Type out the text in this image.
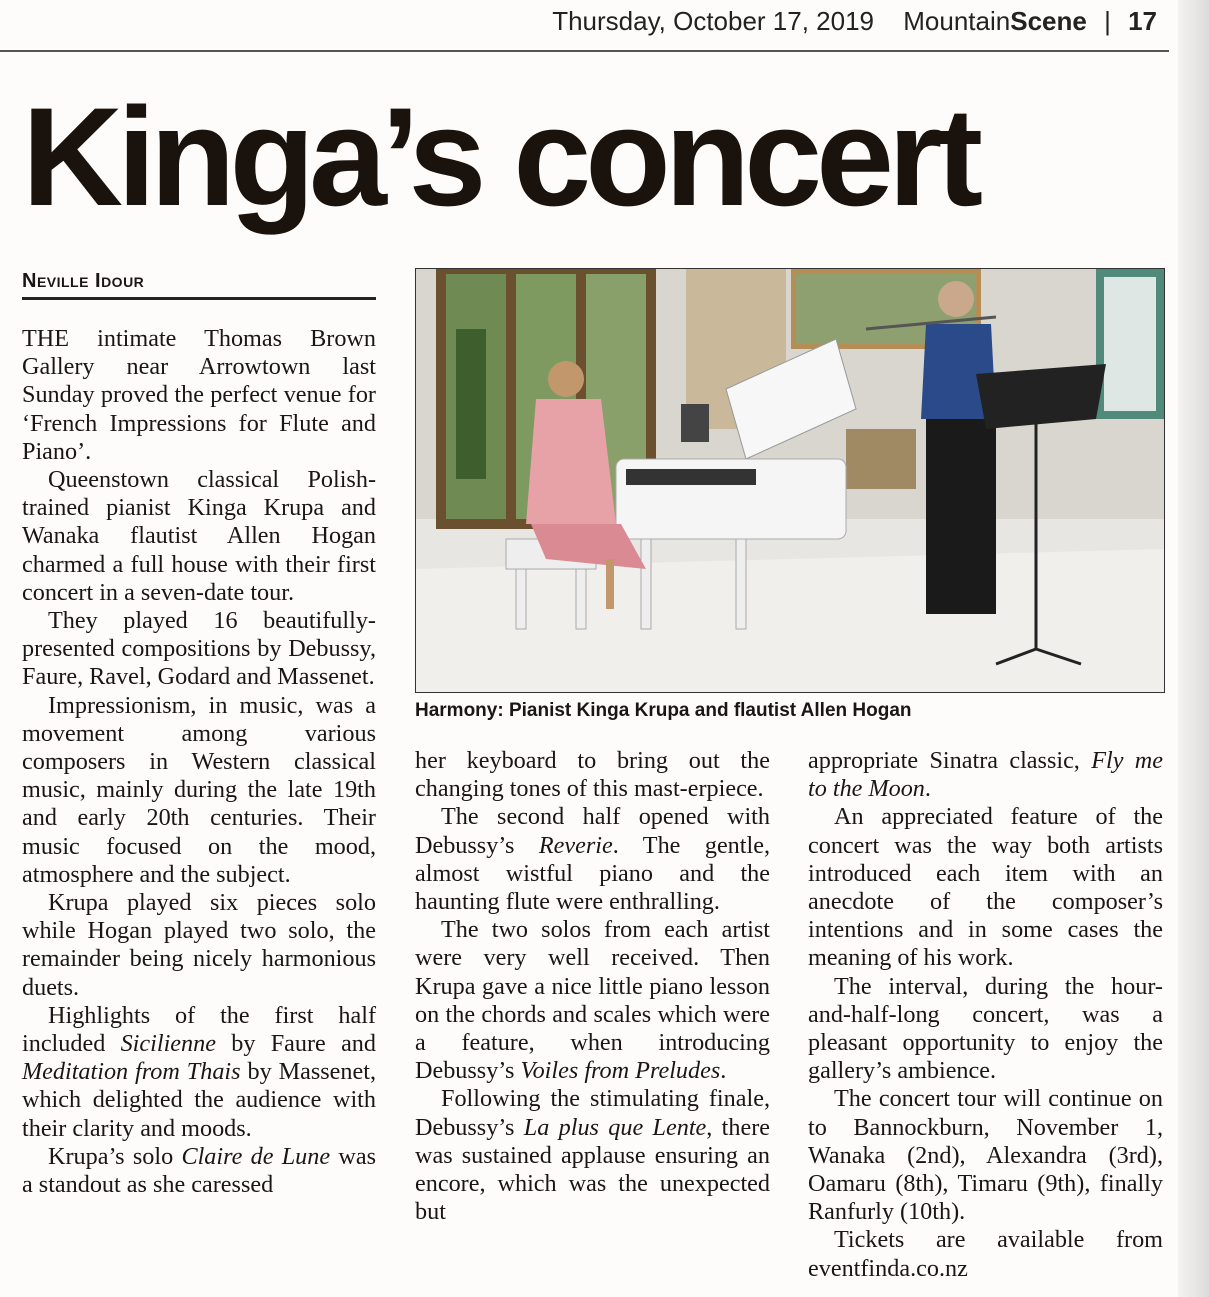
Thursday, October 17, 2019 MountainScene | 17
Kinga’s concert
Neville Idour

THE intimate Thomas Brown Gallery near Arrowtown last Sunday proved the perfect venue for ‘French Impressions for Flute and Piano’.

Queenstown classical Polish-trained pianist Kinga Krupa and Wanaka flautist Allen Hogan charmed a full house with their first concert in a seven-date tour.

They played 16 beautifully-presented compositions by Debussy, Faure, Ravel, Godard and Massenet.

Impressionism, in music, was a movement among various composers in Western classical music, mainly during the late 19th and early 20th centuries. Their music focused on the mood, atmosphere and the subject.

Krupa played six pieces solo while Hogan played two solo, the remainder being nicely harmonious duets.

Highlights of the first half included Sicilienne by Faure and Meditation from Thais by Massenet, which delighted the audience with their clarity and moods.

Krupa’s solo Claire de Lune was a standout as she caressed

Harmony: Pianist Kinga Krupa and flautist Allen Hogan

her keyboard to bring out the changing tones of this mast-erpiece.

The second half opened with Debussy’s Reverie. The gentle, almost wistful piano and the haunting flute were enthralling.

The two solos from each artist were very well received. Then Krupa gave a nice little piano lesson on the chords and scales which were a feature, when introducing Debussy’s Voiles from Preludes.

Following the stimulating finale, Debussy’s La plus que Lente, there was sustained applause ensuring an encore, which was the unexpected but

appropriate Sinatra classic, Fly me to the Moon.

An appreciated feature of the concert was the way both artists introduced each item with an anecdote of the composer’s intentions and in some cases the meaning of his work.

The interval, during the hour-and-half-long concert, was a pleasant opportunity to enjoy the gallery’s ambience.

The concert tour will continue on to Bannockburn, November 1, Wanaka (2nd), Alexandra (3rd), Oamaru (8th), Timaru (9th), finally Ranfurly (10th).

Tickets are available from eventfinda.co.nz
